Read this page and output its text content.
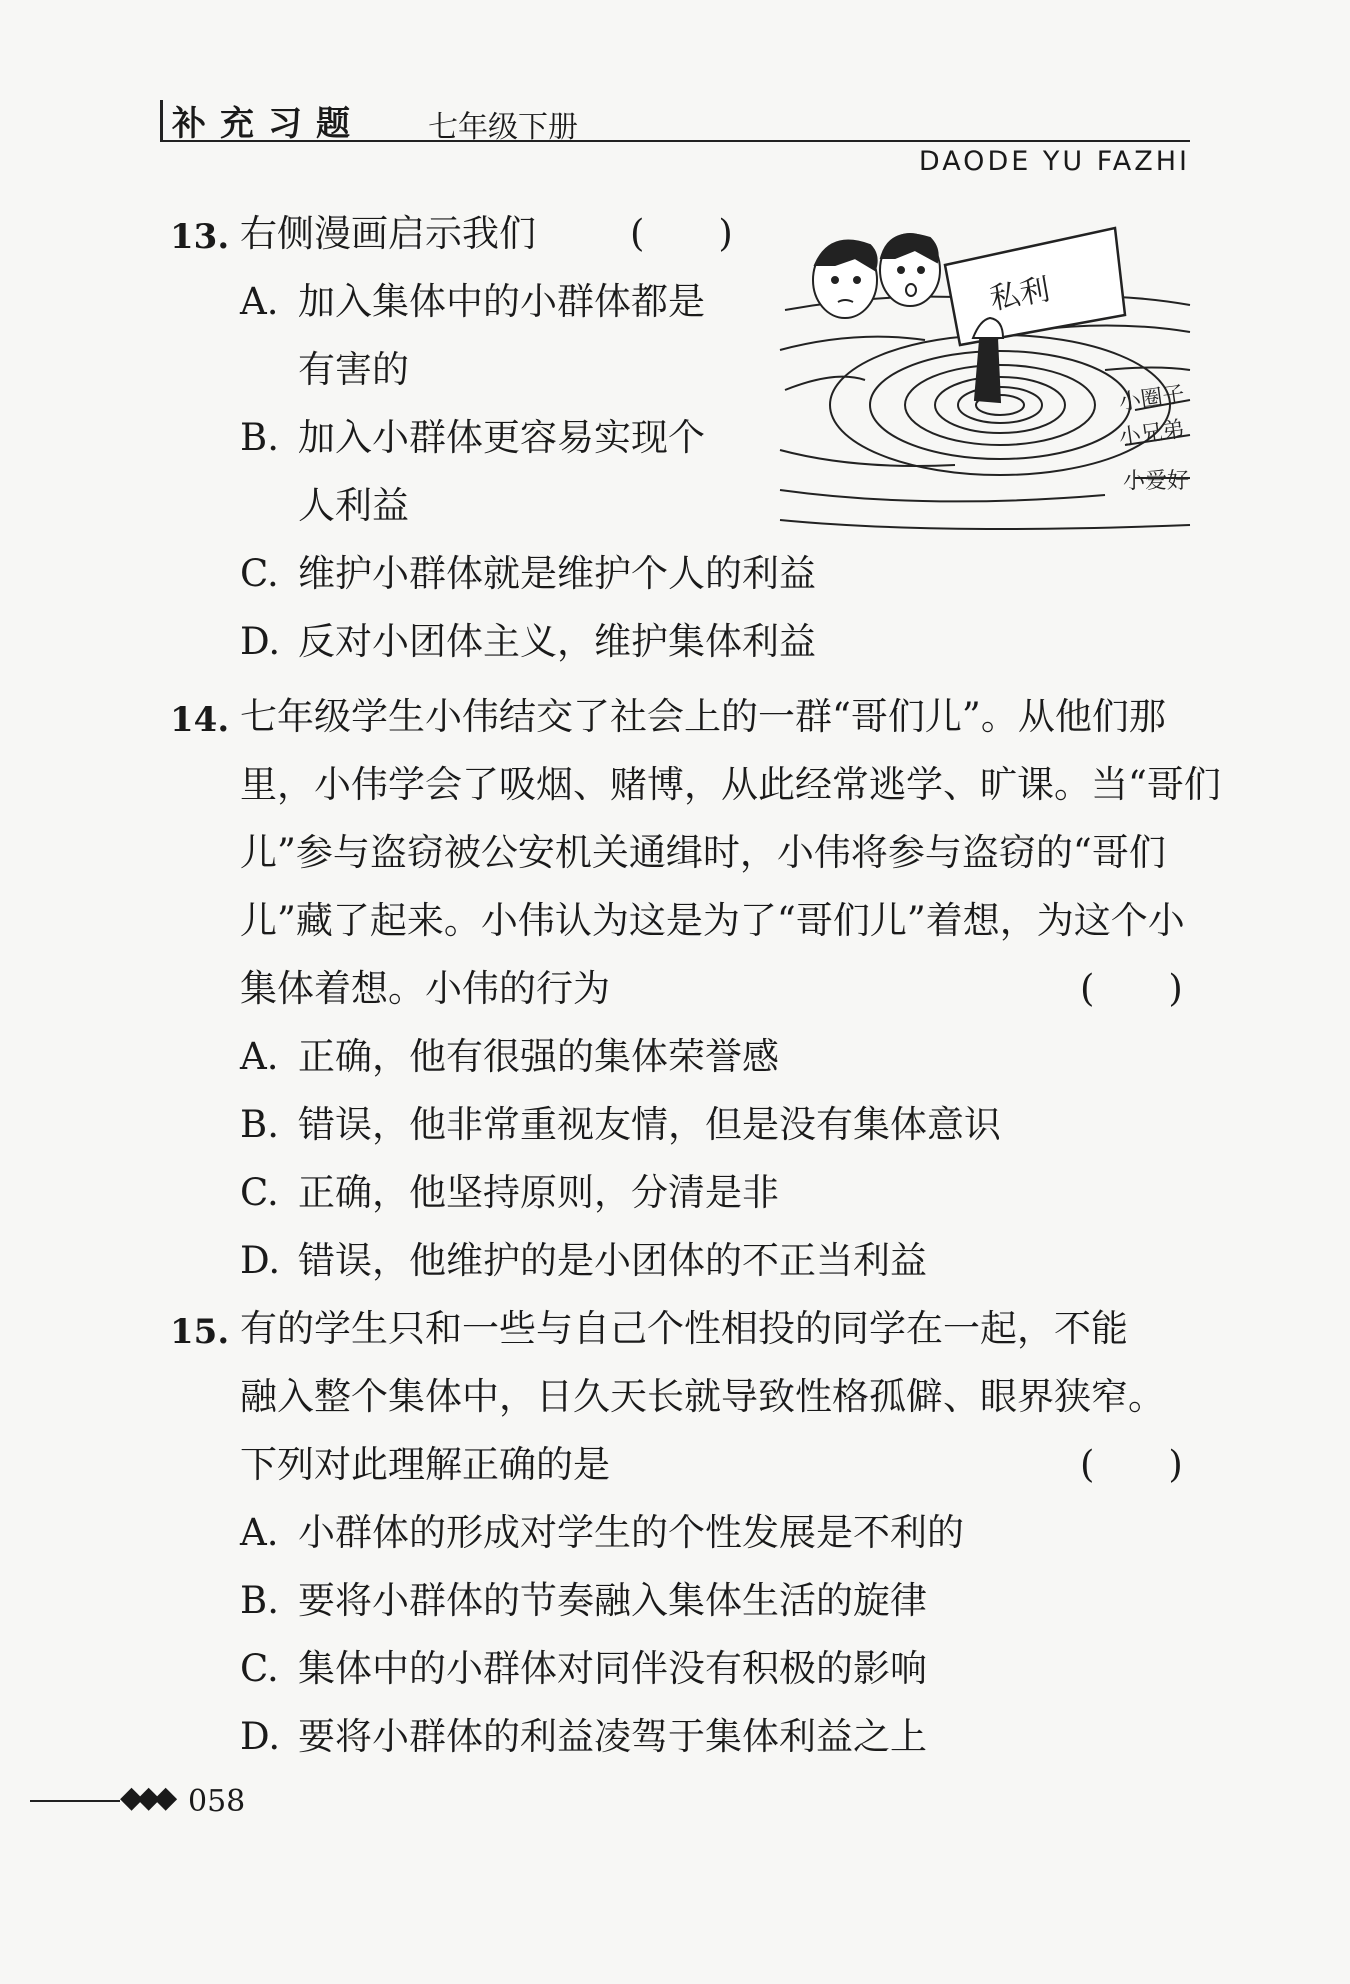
补充习题 七年级下册
DAODE YU FAZHI
13. 右侧漫画启示我们	(　　)
A. 加入集体中的小群体都是
有害的
B. 加入小群体更容易实现个
人利益
C. 维护小群体就是维护个人的利益
D. 反对小团体主义，维护集体利益
私利
小圈子
小兄弟
小爱好
14. 七年级学生小伟结交了社会上的一群“哥们儿”。从他们那
里，小伟学会了吸烟、赌博，从此经常逃学、旷课。当“哥们
儿”参与盗窃被公安机关通缉时，小伟将参与盗窃的“哥们
儿”藏了起来。小伟认为这是为了“哥们儿”着想，为这个小
集体着想。小伟的行为	(　　)
A. 正确，他有很强的集体荣誉感
B. 错误，他非常重视友情，但是没有集体意识
C. 正确，他坚持原则，分清是非
D. 错误，他维护的是小团体的不正当利益
15. 有的学生只和一些与自己个性相投的同学在一起，不能
融入整个集体中，日久天长就导致性格孤僻、眼界狭窄。
下列对此理解正确的是	(　　)
A. 小群体的形成对学生的个性发展是不利的
B. 要将小群体的节奏融入集体生活的旋律
C. 集体中的小群体对同伴没有积极的影响
D. 要将小群体的利益凌驾于集体利益之上
◆◆◆ 058
